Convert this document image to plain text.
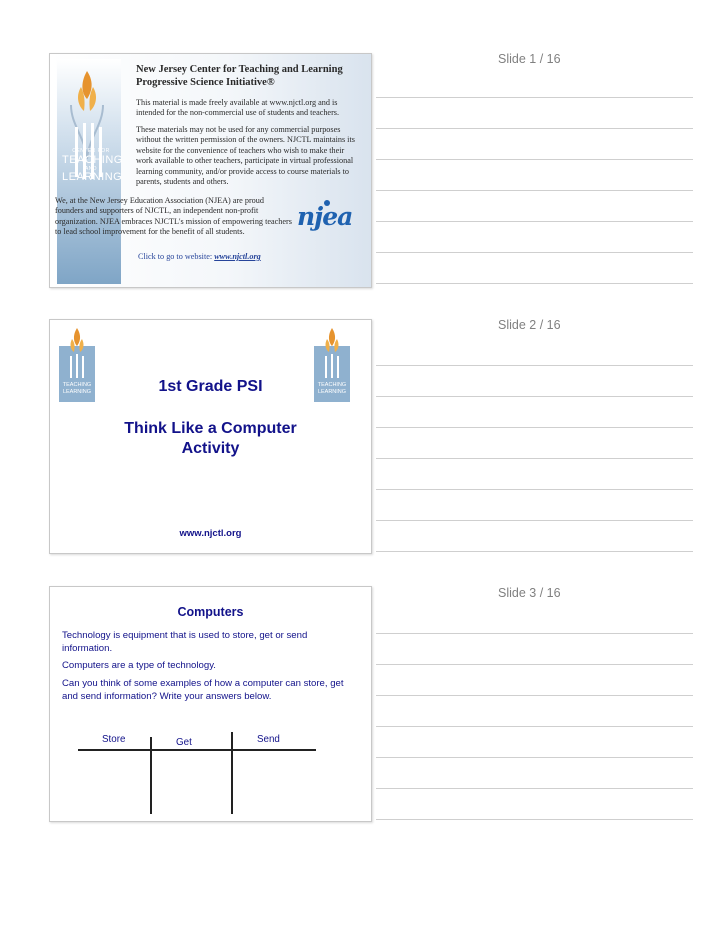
Slide 1 / 16
CENTER FOR
TEACHING
AND
LEARNING
New Jersey Center for Teaching and Learning
Progressive Science Initiative®
This material is made freely available at www.njctl.org and is intended for the non-commercial use of students and teachers.
These materials may not be used for any commercial purposes without the written permission of the owners. NJCTL maintains its website for the convenience of teachers who wish to make their work available to other teachers, participate in virtual professional learning community, and/or provide access to course materials to parents, students and others.
We, at the New Jersey Education Association (NJEA) are proud founders and supporters of NJCTL, an independent non-profit organization. NJEA embraces NJCTL's mission of empowering teachers to lead school improvement for the benefit of all students.
Click to go to website: www.njctl.org
njea
Slide 2 / 16
TEACHING
LEARNING
TEACHING
LEARNING
1st Grade PSI
Think Like a Computer
Activity
www.njctl.org
Slide 3 / 16
Computers
Technology is equipment that is used to store, get or send information.
Computers are a type of technology.
Can you think of some examples of how a computer can store, get and send information? Write your answers below.
Store	Get	Send
